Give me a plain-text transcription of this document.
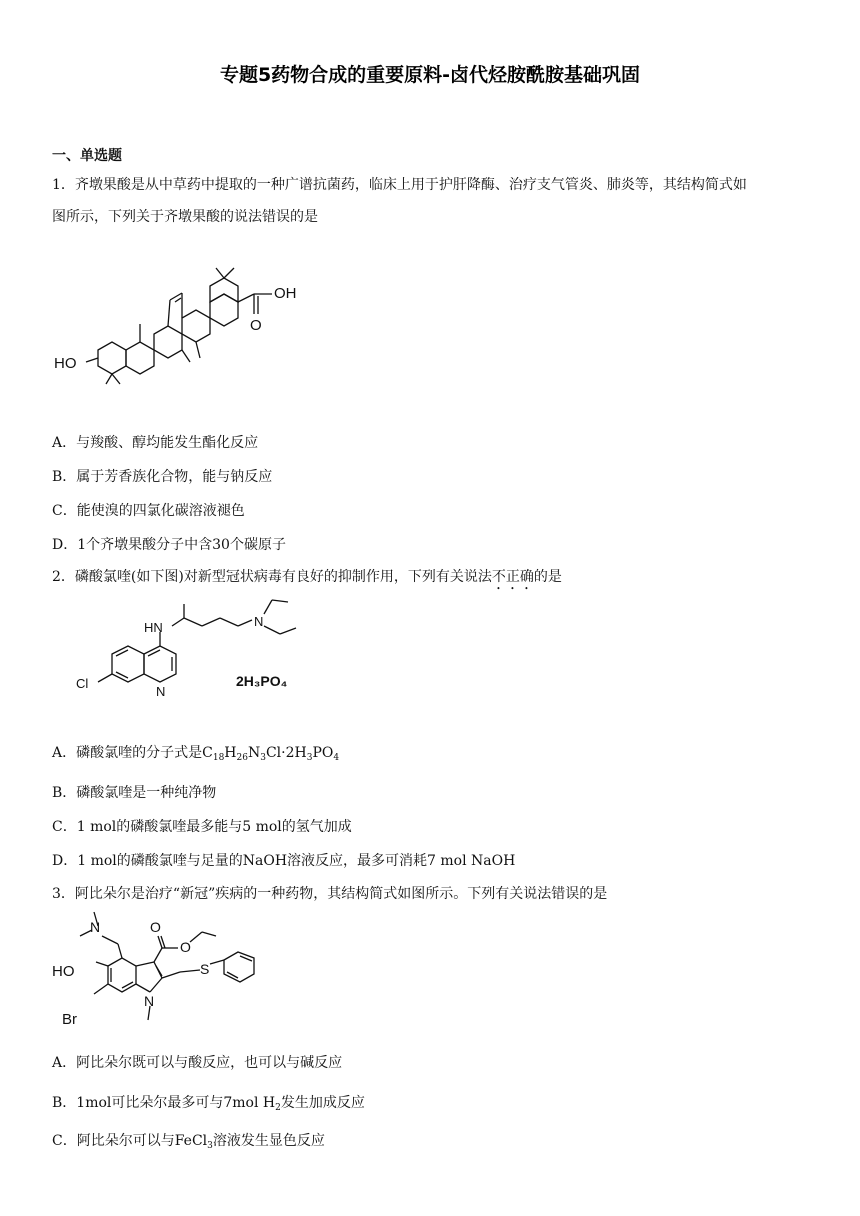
专题5药物合成的重要原料-卤代烃胺酰胺基础巩固
一、单选题
1．齐墩果酸是从中草药中提取的一种广谱抗菌药，临床上用于护肝降酶、治疗支气管炎、肺炎等，其结构简式如
图所示，下列关于齐墩果酸的说法错误的是
OH
O
HO
A．与羧酸、醇均能发生酯化反应
B．属于芳香族化合物，能与钠反应
C．能使溴的四氯化碳溶液褪色
D．1个齐墩果酸分子中含30个碳原子
2．磷酸氯喹(如下图)对新型冠状病毒有良好的抑制作用，下列有关说法不正确的是
HN	N
Cl
N
2H₃PO₄
A．磷酸氯喹的分子式是$C_{18}H_{26}N_3Cl\cdot 2H_3PO_4$
B．磷酸氯喹是一种纯净物
C．1 mol的磷酸氯喹最多能与5 mol的氢气加成
D．1 mol的磷酸氯喹与足量的NaOH溶液反应，最多可消耗7 mol NaOH
3．阿比朵尔是治疗“新冠”疾病的一种药物，其结构简式如图所示。下列有关说法错误的是
N	O
O
HO	S
Br
N
A．阿比朵尔既可以与酸反应，也可以与碱反应
B．1mol可比朵尔最多可与7mol $H_2$发生加成反应
C．阿比朵尔可以与FeCl$_3$溶液发生显色反应
